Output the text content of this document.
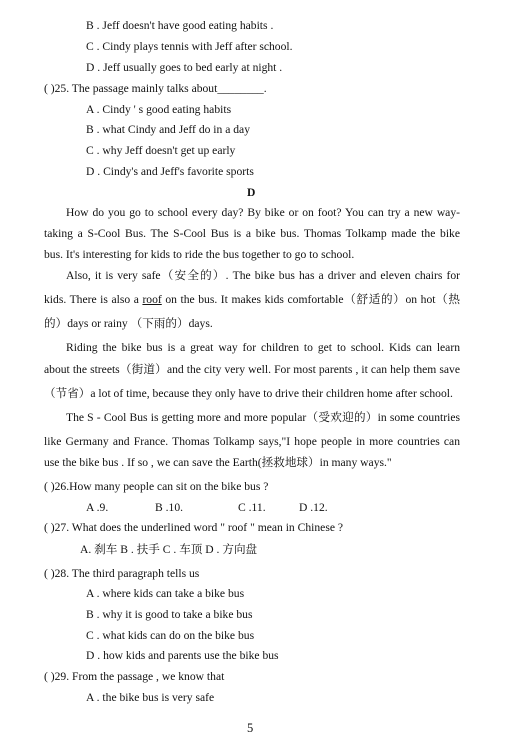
B . Jeff doesn't have good eating habits .
C . Cindy plays tennis with Jeff after school.
D . Jeff usually goes to bed early at night .
( )25. The passage mainly talks about________.
A . Cindy ' s good eating habits
B . what Cindy and Jeff do in a day
C . why Jeff doesn't get up early
D . Cindy's and Jeff's favorite sports
D
How do you go to school every day? By bike or on foot? You can try a new way-
taking a S-Cool Bus. The S-Cool Bus is a bike bus. Thomas Tolkamp made the bike
bus. It's interesting for kids to ride the bus together to go to school.
Also, it is very safe（安全的）. The bike bus has a driver and eleven chairs for
kids. There is also a roof on the bus. It makes kids comfortable（舒适的）on hot（热
的）days or rainy （下雨的）days.
Riding the bike bus is a great way for children to get to school. Kids can learn
about the streets（街道）and the city very well. For most parents , it can help them save
（节省）a lot of time, because they only have to drive their children home after school.
The S - Cool Bus is getting more and more popular（受欢迎的）in some countries
like Germany and France. Thomas Tolkamp says,"I hope people in more countries can
use the bike bus . If so , we can save the Earth(拯救地球）in many ways."
( )26.How many people can sit on the bike bus ?
A .9.	B .10.	C .11.	D .12.
( )27. What does the underlined word " roof " mean in Chinese ?
A. 刹车 B . 扶手 C . 车顶 D . 方向盘
( )28. The third paragraph tells us
A . where kids can take a bike bus
B . why it is good to take a bike bus
C . what kids can do on the bike bus
D . how kids and parents use the bike bus
( )29. From the passage , we know that
A . the bike bus is very safe
5
